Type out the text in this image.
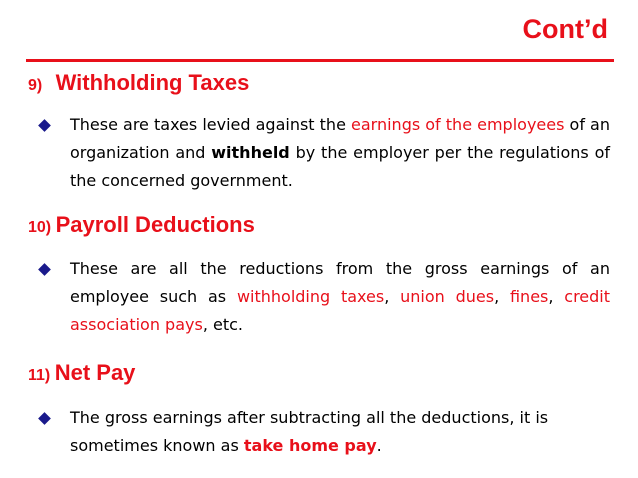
Cont’d
9) Withholding Taxes
These are taxes levied against the earnings of the employees of an organization and withheld by the employer per the regulations of the concerned government.
10) Payroll Deductions
These are all the reductions from the gross earnings of an employee such as withholding taxes, union dues, fines, credit association pays, etc.
11) Net Pay
The gross earnings after subtracting all the deductions, it is sometimes known as take home pay.
